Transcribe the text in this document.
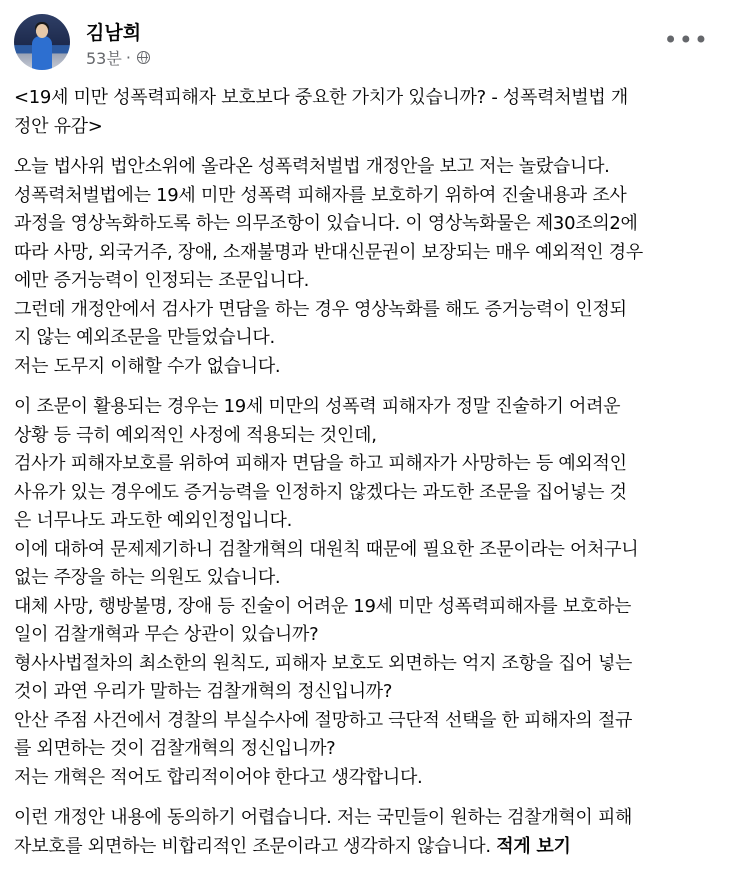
김남희
53분 ·
•••

<19세 미만 성폭력피해자 보호보다 중요한 가치가 있습니까? - 성폭력처벌법 개
정안 유감>

오늘 법사위 법안소위에 올라온 성폭력처벌법 개정안을 보고 저는 놀랐습니다.
성폭력처벌법에는 19세 미만 성폭력 피해자를 보호하기 위하여 진술내용과 조사
과정을 영상녹화하도록 하는 의무조항이 있습니다. 이 영상녹화물은 제30조의2에
따라 사망, 외국거주, 장애, 소재불명과 반대신문권이 보장되는 매우 예외적인 경우
에만 증거능력이 인정되는 조문입니다.
그런데 개정안에서 검사가 면담을 하는 경우 영상녹화를 해도 증거능력이 인정되
지 않는 예외조문을 만들었습니다.
저는 도무지 이해할 수가 없습니다.

이 조문이 활용되는 경우는 19세 미만의 성폭력 피해자가 정말 진술하기 어려운
상황 등 극히 예외적인 사정에 적용되는 것인데,
검사가 피해자보호를 위하여 피해자 면담을 하고 피해자가 사망하는 등 예외적인
사유가 있는 경우에도 증거능력을 인정하지 않겠다는 과도한 조문을 집어넣는 것
은 너무나도 과도한 예외인정입니다.
이에 대하여 문제제기하니 검찰개혁의 대원칙 때문에 필요한 조문이라는 어처구니
없는 주장을 하는 의원도 있습니다.
대체 사망, 행방불명, 장애 등 진술이 어려운 19세 미만 성폭력피해자를 보호하는
일이 검찰개혁과 무슨 상관이 있습니까?
형사사법절차의 최소한의 원칙도, 피해자 보호도 외면하는 억지 조항을 집어 넣는
것이 과연 우리가 말하는 검찰개혁의 정신입니까?
안산 주점 사건에서 경찰의 부실수사에 절망하고 극단적 선택을 한 피해자의 절규
를 외면하는 것이 검찰개혁의 정신입니까?
저는 개혁은 적어도 합리적이어야 한다고 생각합니다.

이런 개정안 내용에 동의하기 어렵습니다. 저는 국민들이 원하는 검찰개혁이 피해
자보호를 외면하는 비합리적인 조문이라고 생각하지 않습니다. 적게 보기
